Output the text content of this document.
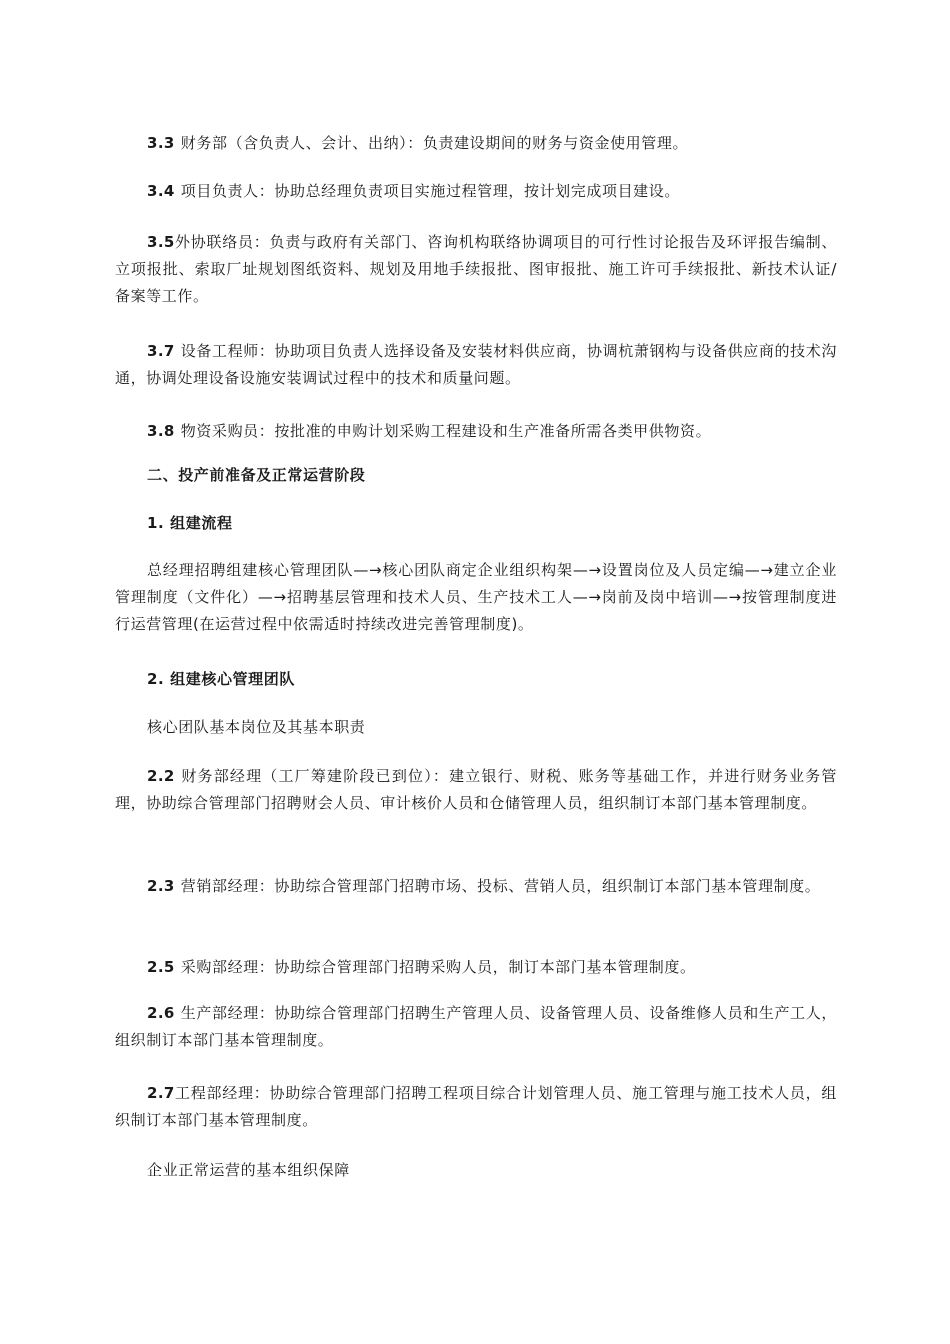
3.3 财务部（含负责人、会计、出纳）：负责建设期间的财务与资金使用管理。

3.4 项目负责人：协助总经理负责项目实施过程管理，按计划完成项目建设。

3.5外协联络员：负责与政府有关部门、咨询机构联络协调项目的可行性讨论报告及环评报告编制、立项报批、索取厂址规划图纸资料、规划及用地手续报批、图审报批、施工许可手续报批、新技术认证/备案等工作。

3.7 设备工程师：协助项目负责人选择设备及安装材料供应商，协调杭萧钢构与设备供应商的技术沟通，协调处理设备设施安装调试过程中的技术和质量问题。

3.8 物资采购员：按批准的申购计划采购工程建设和生产准备所需各类甲供物资。

二、投产前准备及正常运营阶段

1. 组建流程

总经理招聘组建核心管理团队—→核心团队商定企业组织构架—→设置岗位及人员定编—→建立企业管理制度（文件化）—→招聘基层管理和技术人员、生产技术工人—→岗前及岗中培训—→按管理制度进行运营管理(在运营过程中依需适时持续改进完善管理制度)。

2. 组建核心管理团队

核心团队基本岗位及其基本职责

2.2 财务部经理（工厂筹建阶段已到位）：建立银行、财税、账务等基础工作，并进行财务业务管理，协助综合管理部门招聘财会人员、审计核价人员和仓储管理人员，组织制订本部门基本管理制度。

2.3 营销部经理：协助综合管理部门招聘市场、投标、营销人员，组织制订本部门基本管理制度。

2.5 采购部经理：协助综合管理部门招聘采购人员，制订本部门基本管理制度。

2.6 生产部经理：协助综合管理部门招聘生产管理人员、设备管理人员、设备维修人员和生产工人，组织制订本部门基本管理制度。

2.7工程部经理：协助综合管理部门招聘工程项目综合计划管理人员、施工管理与施工技术人员，组织制订本部门基本管理制度。

企业正常运营的基本组织保障
